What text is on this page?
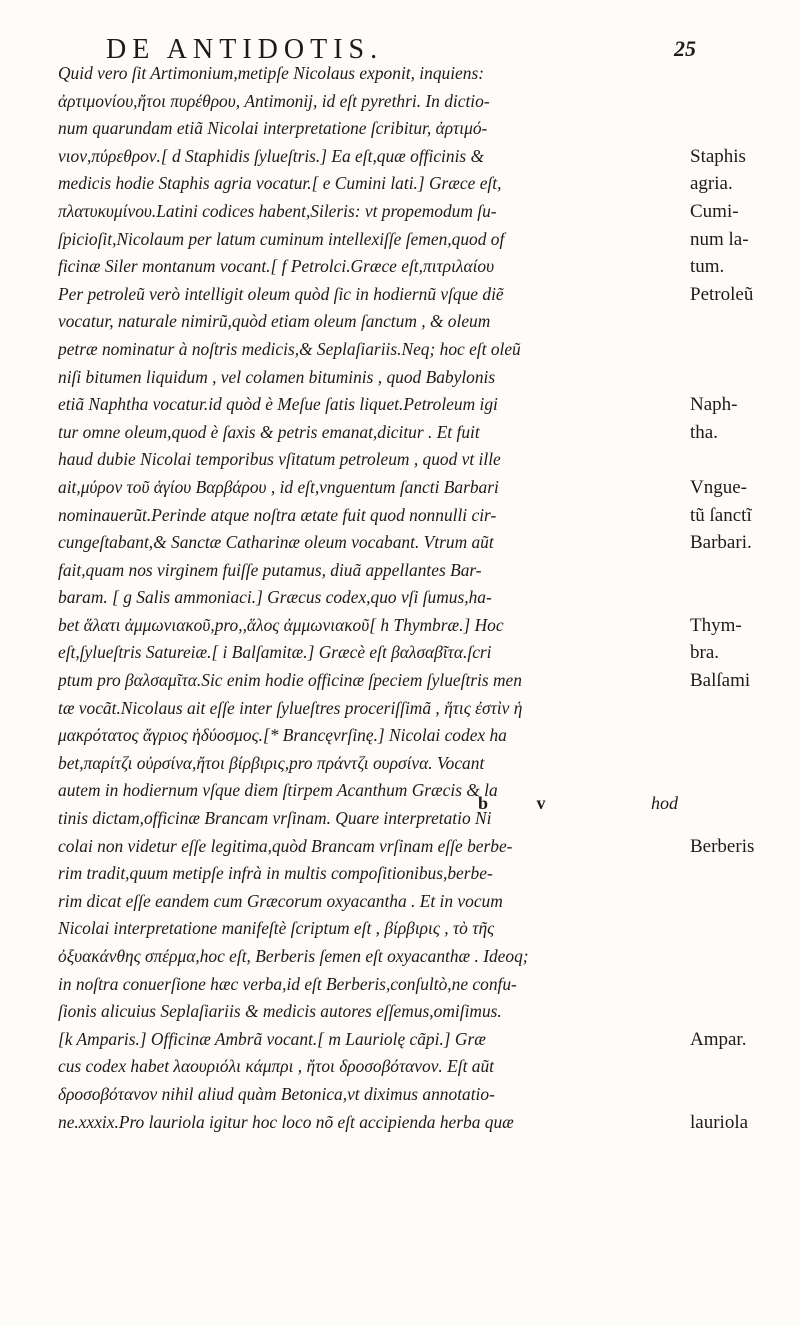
DE ANTIDOTIS.	25
Quid vero ſit Artimonium,metipſe Nicolaus exponit, inquiens:
ἀρτιμονίου,ἤτοι πυρέθρου, Antimonij, id eſt pyrethri. In dictio-
num quarundam etiã Nicolai interpretatione ſcribitur, ἀρτιμό-
νιον,πύρεθρον.[ d Staphidis ſylueſtris.] Ea eſt,quæ officinis &
medicis hodie Staphis agria vocatur.[ e Cumini lati.] Græce eſt,
πλατυκυμίνου.Latini codices habent,Sileris: vt propemodum ſu-
ſpicioſit,Nicolaum per latum cuminum intellexiſſe ſemen,quod of
ficinæ Siler montanum vocant.[ f Petrolci.Græce eſt,πιτριλαίου
Per petroleũ verò intelligit oleum quòd ſic in hodiernũ vſque diẽ
vocatur, naturale nimirũ,quòd etiam oleum ſanctum , & oleum
petræ nominatur à noſtris medicis,& Seplaſiariis.Neq; hoc eſt oleũ
niſi bitumen liquidum , vel colamen bituminis , quod Babylonis
etiã Naphtha vocatur.id quòd è Meſue ſatis liquet.Petroleum igi
tur omne oleum,quod è ſaxis & petris emanat,dicitur . Et fuit
haud dubie Nicolai temporibus vſitatum petroleum , quod vt ille
ait,μύρον τοῦ ἁγίου Βαρβάρου , id eſt,vnguentum ſancti Barbari
nominauerũt.Perinde atque noſtra ætate fuit quod nonnulli cir-
cungeſtabant,& Sanctæ Catharinæ oleum vocabant. Vtrum aũt
fait,quam nos virginem fuiſſe putamus, diuã appellantes Bar-
baram. [ g Salis ammoniaci.] Græcus codex,quo vſi ſumus,ha-
bet ἅλατι ἀμμωνιακοῦ,pro,,ἅλος ἀμμωνιακοῦ[ h Thymbræ.] Hoc
eſt,ſylueſtris Satureiæ.[ i Balſamitæ.] Græcè eſt βαλσαβῖτα.ſcri
ptum pro βαλσαμῖτα.Sic enim hodie officinæ ſpeciem ſylueſtris men
tæ vocãt.Nicolaus ait eſſe inter ſylueſtres proceriſſimã , ἥτις ἐστὶν ἡ
μακρότατος ἄγριος ἡδύοσμος.[* Brancęvrſinę.] Nicolai codex ha
bet,παρίτζι οὐρσίνα,ἤτοι βίρβιρις,pro πράντζι ουρσίνα. Vocant
autem in hodiernum vſque diem ſtirpem Acanthum Græcis & la
tinis dictam,officinæ Brancam vrſinam. Quare interpretatio Ni
colai non videtur eſſe legitima,quòd Brancam vrſinam eſſe berbe-
rim tradit,quum metipſe infrà in multis compoſitionibus,berbe-
rim dicat eſſe eandem cum Græcorum oxyacantha . Et in vocum
Nicolai interpretatione manifeſtè ſcriptum eſt , βίρβιρις , τὸ τῆς
ὀξυακάνθης σπέρμα,hoc eſt, Berberis ſemen eſt oxyacanthæ . Ideoq;
in noſtra conuerſione hæc verba,id eſt Berberis,conſultò,ne confu-
ſionis alicuius Seplaſiariis & medicis autores eſſemus,omiſimus.
[k Amparis.] Officinæ Ambrã vocant.[ m Lauriolę cãpi.] Græ
cus codex habet λαουριόλι κάμπρι , ἤτοι δροσοβότανον. Eſt aũt
δροσοβότανον nihil aliud quàm Betonica,vt diximus annotatio-
ne.xxxix.Pro lauriola igitur hoc loco nõ eſt accipienda herba quæ
Staphis
agria.
Cumi-
num la-
tum.
Petroleũ
Naph-
tha.
Vngue-
tũ ſanctĩ
Barbari.
Thym-
bra.
Balſami
Berberis
Ampar.
lauriola
b v	hod
